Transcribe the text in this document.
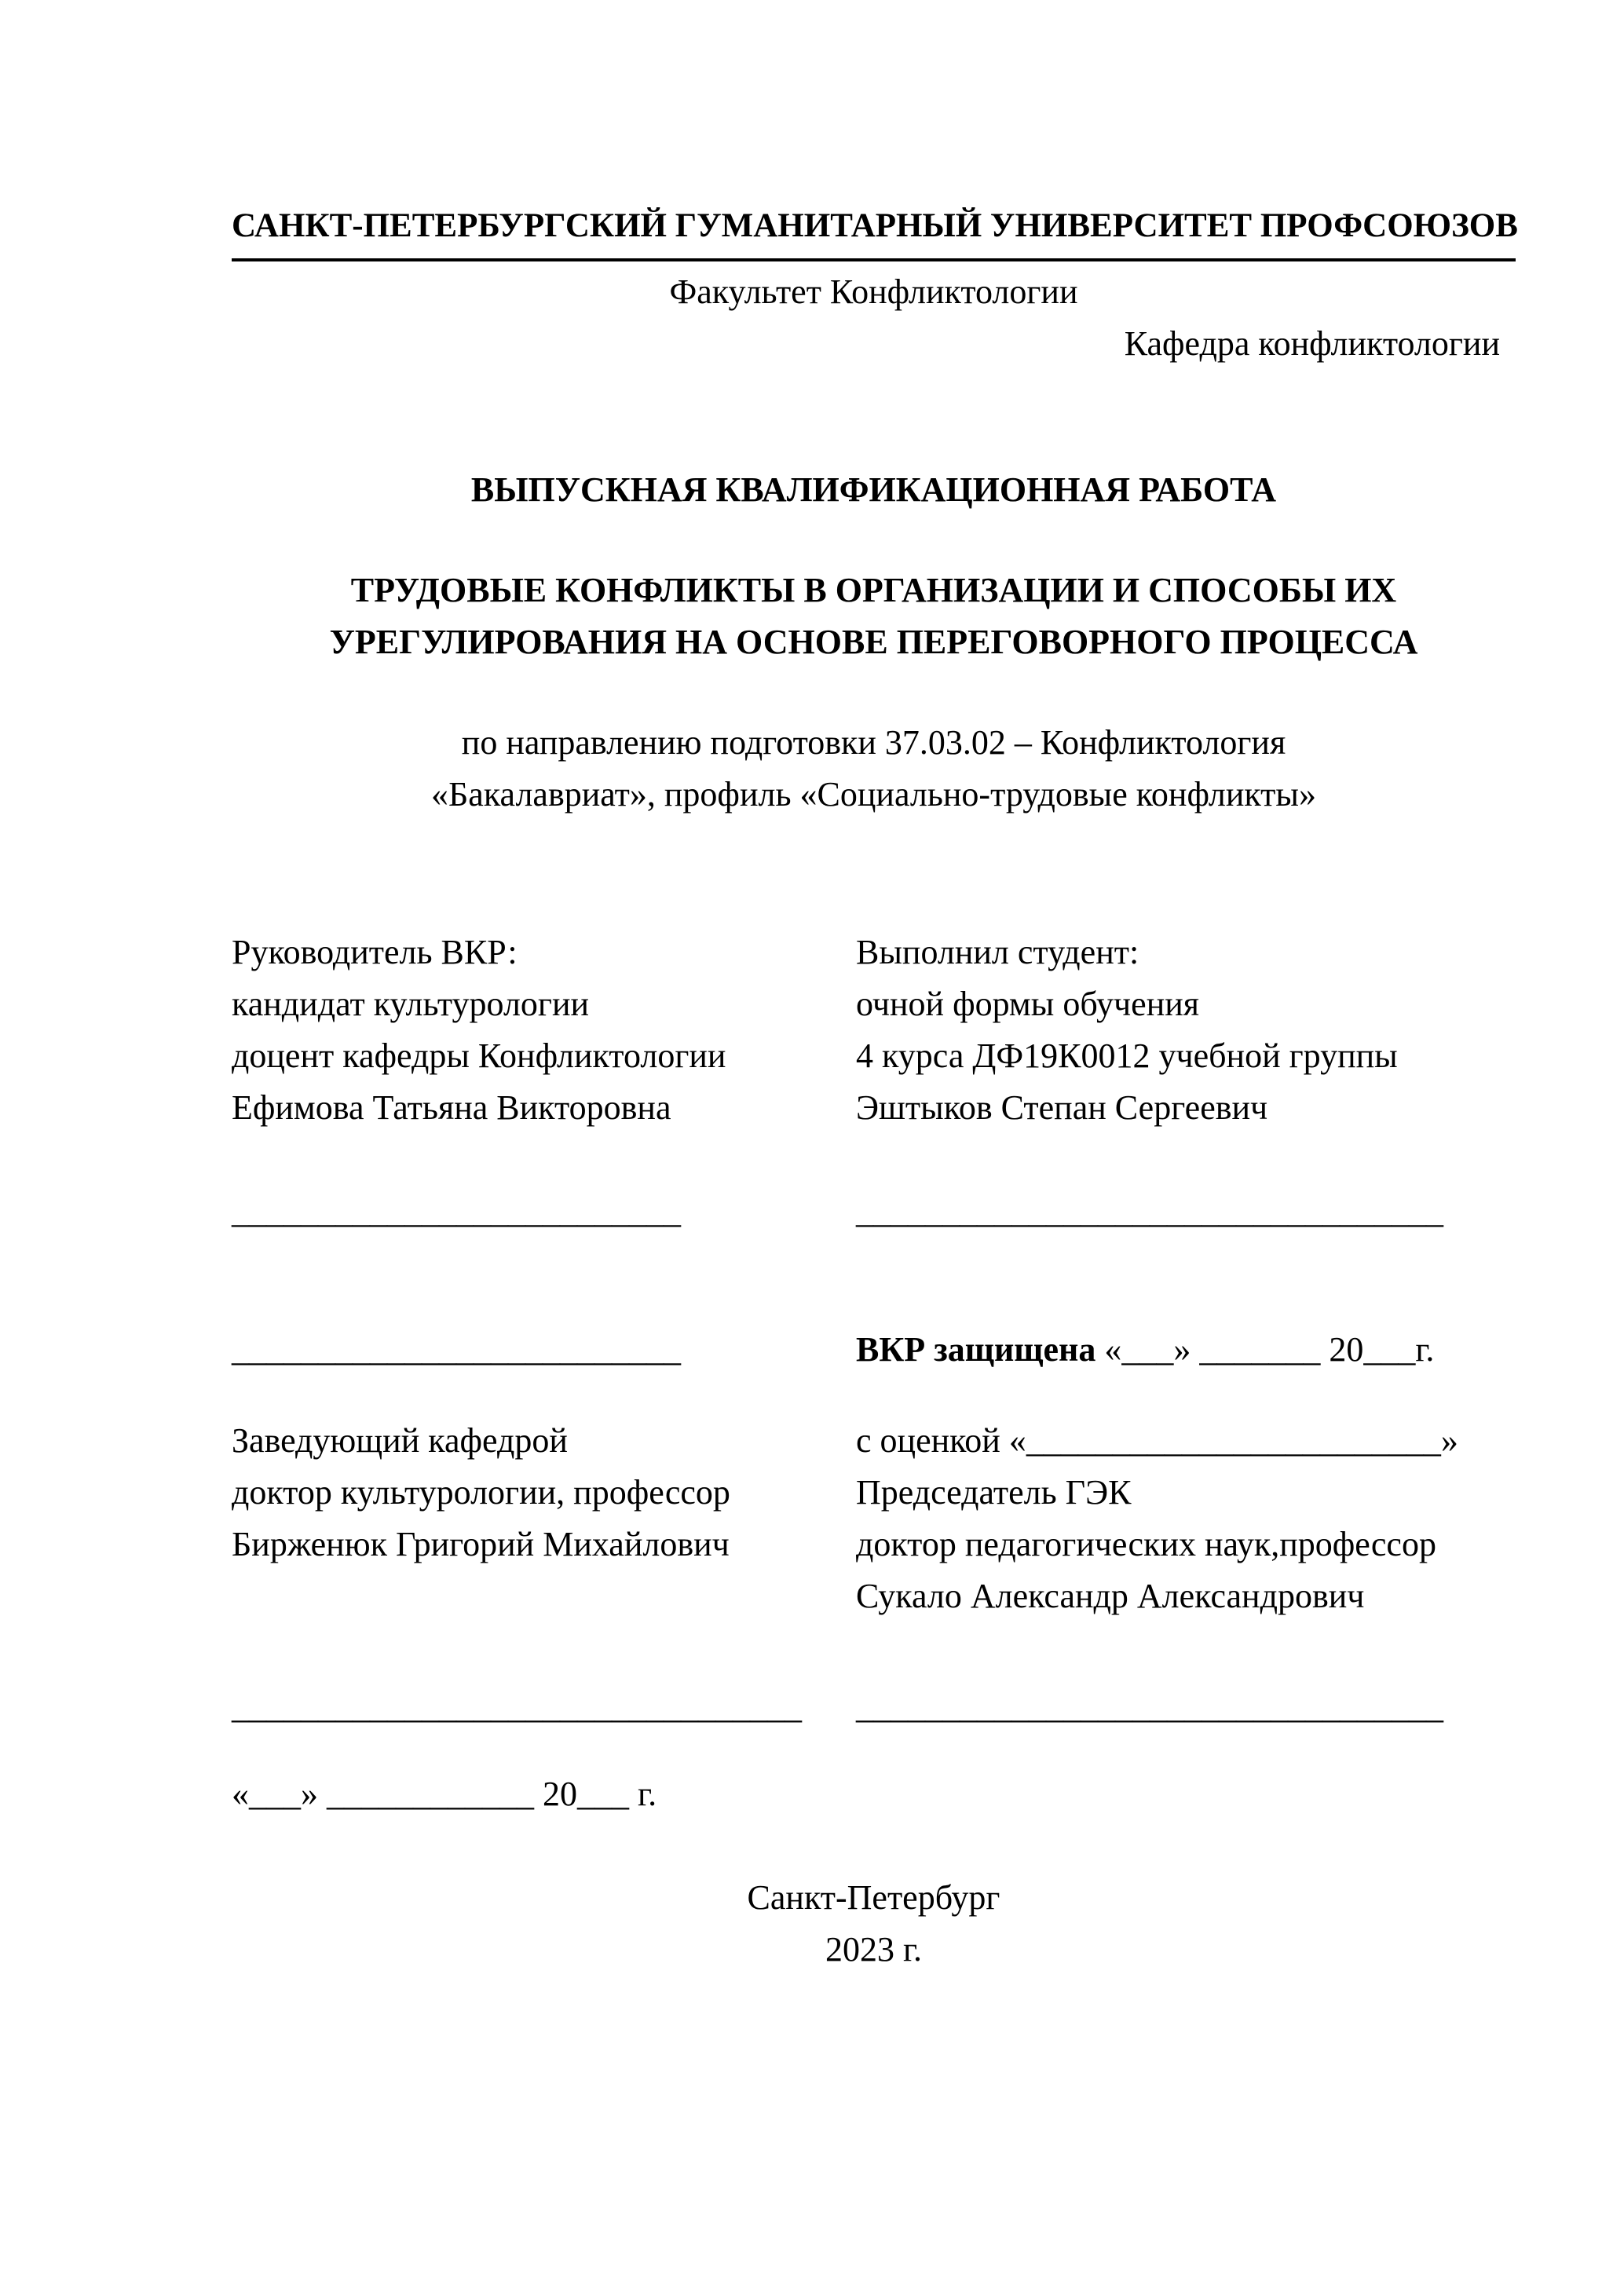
САНКТ-ПЕТЕРБУРГСКИЙ ГУМАНИТАРНЫЙ УНИВЕРСИТЕТ ПРОФСОЮЗОВ
Факультет Конфликтологии
Кафедра конфликтологии
ВЫПУСКНАЯ КВАЛИФИКАЦИОННАЯ РАБОТА
ТРУДОВЫЕ КОНФЛИКТЫ В ОРГАНИЗАЦИИ И СПОСОБЫ ИХ
УРЕГУЛИРОВАНИЯ НА ОСНОВЕ ПЕРЕГОВОРНОГО ПРОЦЕССА
по направлению подготовки 37.03.02 – Конфликтология
«Бакалавриат», профиль «Социально-трудовые конфликты»
Руководитель ВКР:
кандидат культурологии
доцент кафедры Конфликтологии
Ефимова Татьяна Викторовна
Выполнил студент:
очной формы обучения
4 курса ДФ19К0012 учебной группы
Эштыков Степан Сергеевич
__________________________	__________________________________
__________________________	ВКР защищена «___» _______ 20___г.
Заведующий кафедрой
доктор культурологии, профессор
Бирженюк Григорий Михайлович
с оценкой «________________________»
Председатель ГЭК
доктор педагогических наук,профессор
Сукало Александр Александрович
_________________________________	__________________________________
«___» ____________ 20___ г.
Санкт-Петербург
2023 г.
